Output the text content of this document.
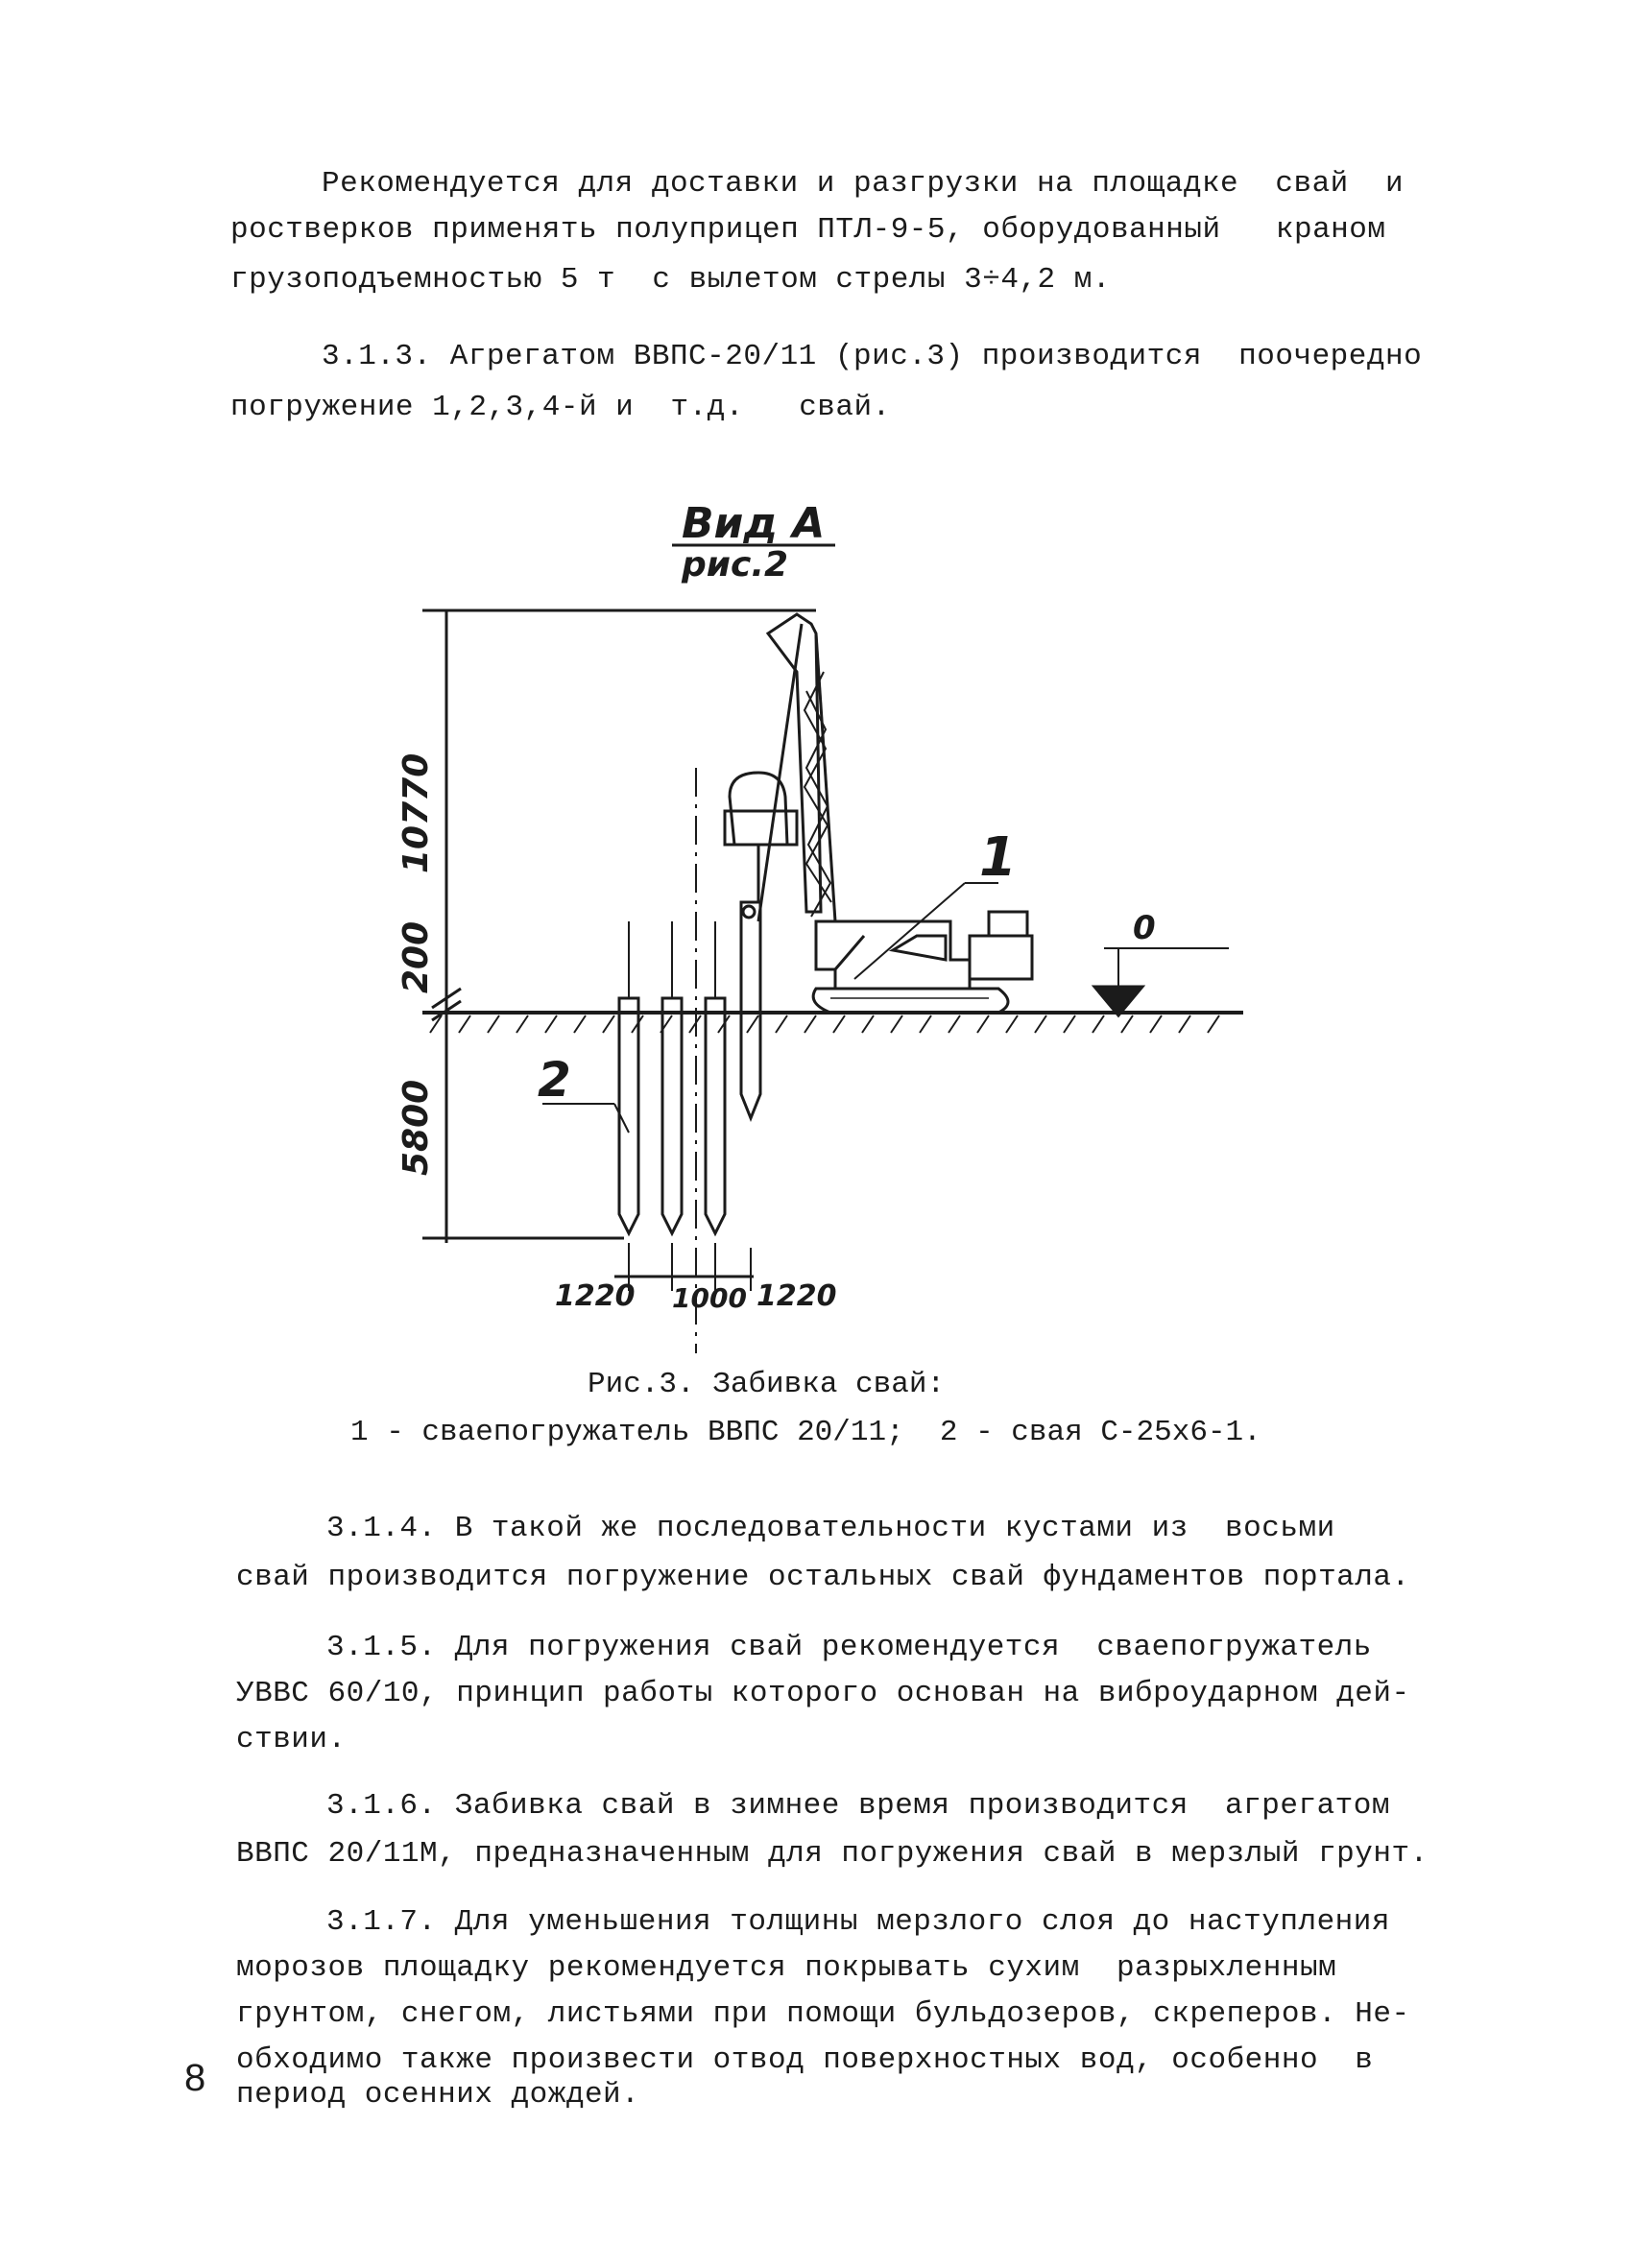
Рекомендуется для доставки и разгрузки на площадке  свай  и
ростверков применять полуприцеп ПТЛ-9-5, оборудованный   краном
грузоподъемностью 5 т  с вылетом стрелы 3÷4,2 м.
3.1.3. Агрегатом ВВПС-20/11 (рис.3) производится  поочередно
погружение 1,2,3,4-й и  т.д.   свай.
Вид А
рис.2
10770
200
5800
1220 1000 1220
1
2
0
Рис.3. Забивка свай:
1 - сваепогружатель ВВПС 20/11;  2 - свая С-25х6-1.
3.1.4. В такой же последовательности кустами из  восьми
свай производится погружение остальных свай фундаментов портала.
3.1.5. Для погружения свай рекомендуется  сваепогружатель
УВВС 60/10, принцип работы которого основан на виброударном дей-
ствии.
3.1.6. Забивка свай в зимнее время производится  агрегатом
ВВПС 20/11М, предназначенным для погружения свай в мерзлый грунт.
3.1.7. Для уменьшения толщины мерзлого слоя до наступления
морозов площадку рекомендуется покрывать сухим  разрыхленным
грунтом, снегом, листьями при помощи бульдозеров, скреперов. Не-
обходимо также произвести отвод поверхностных вод, особенно  в
период осенних дождей.
8
